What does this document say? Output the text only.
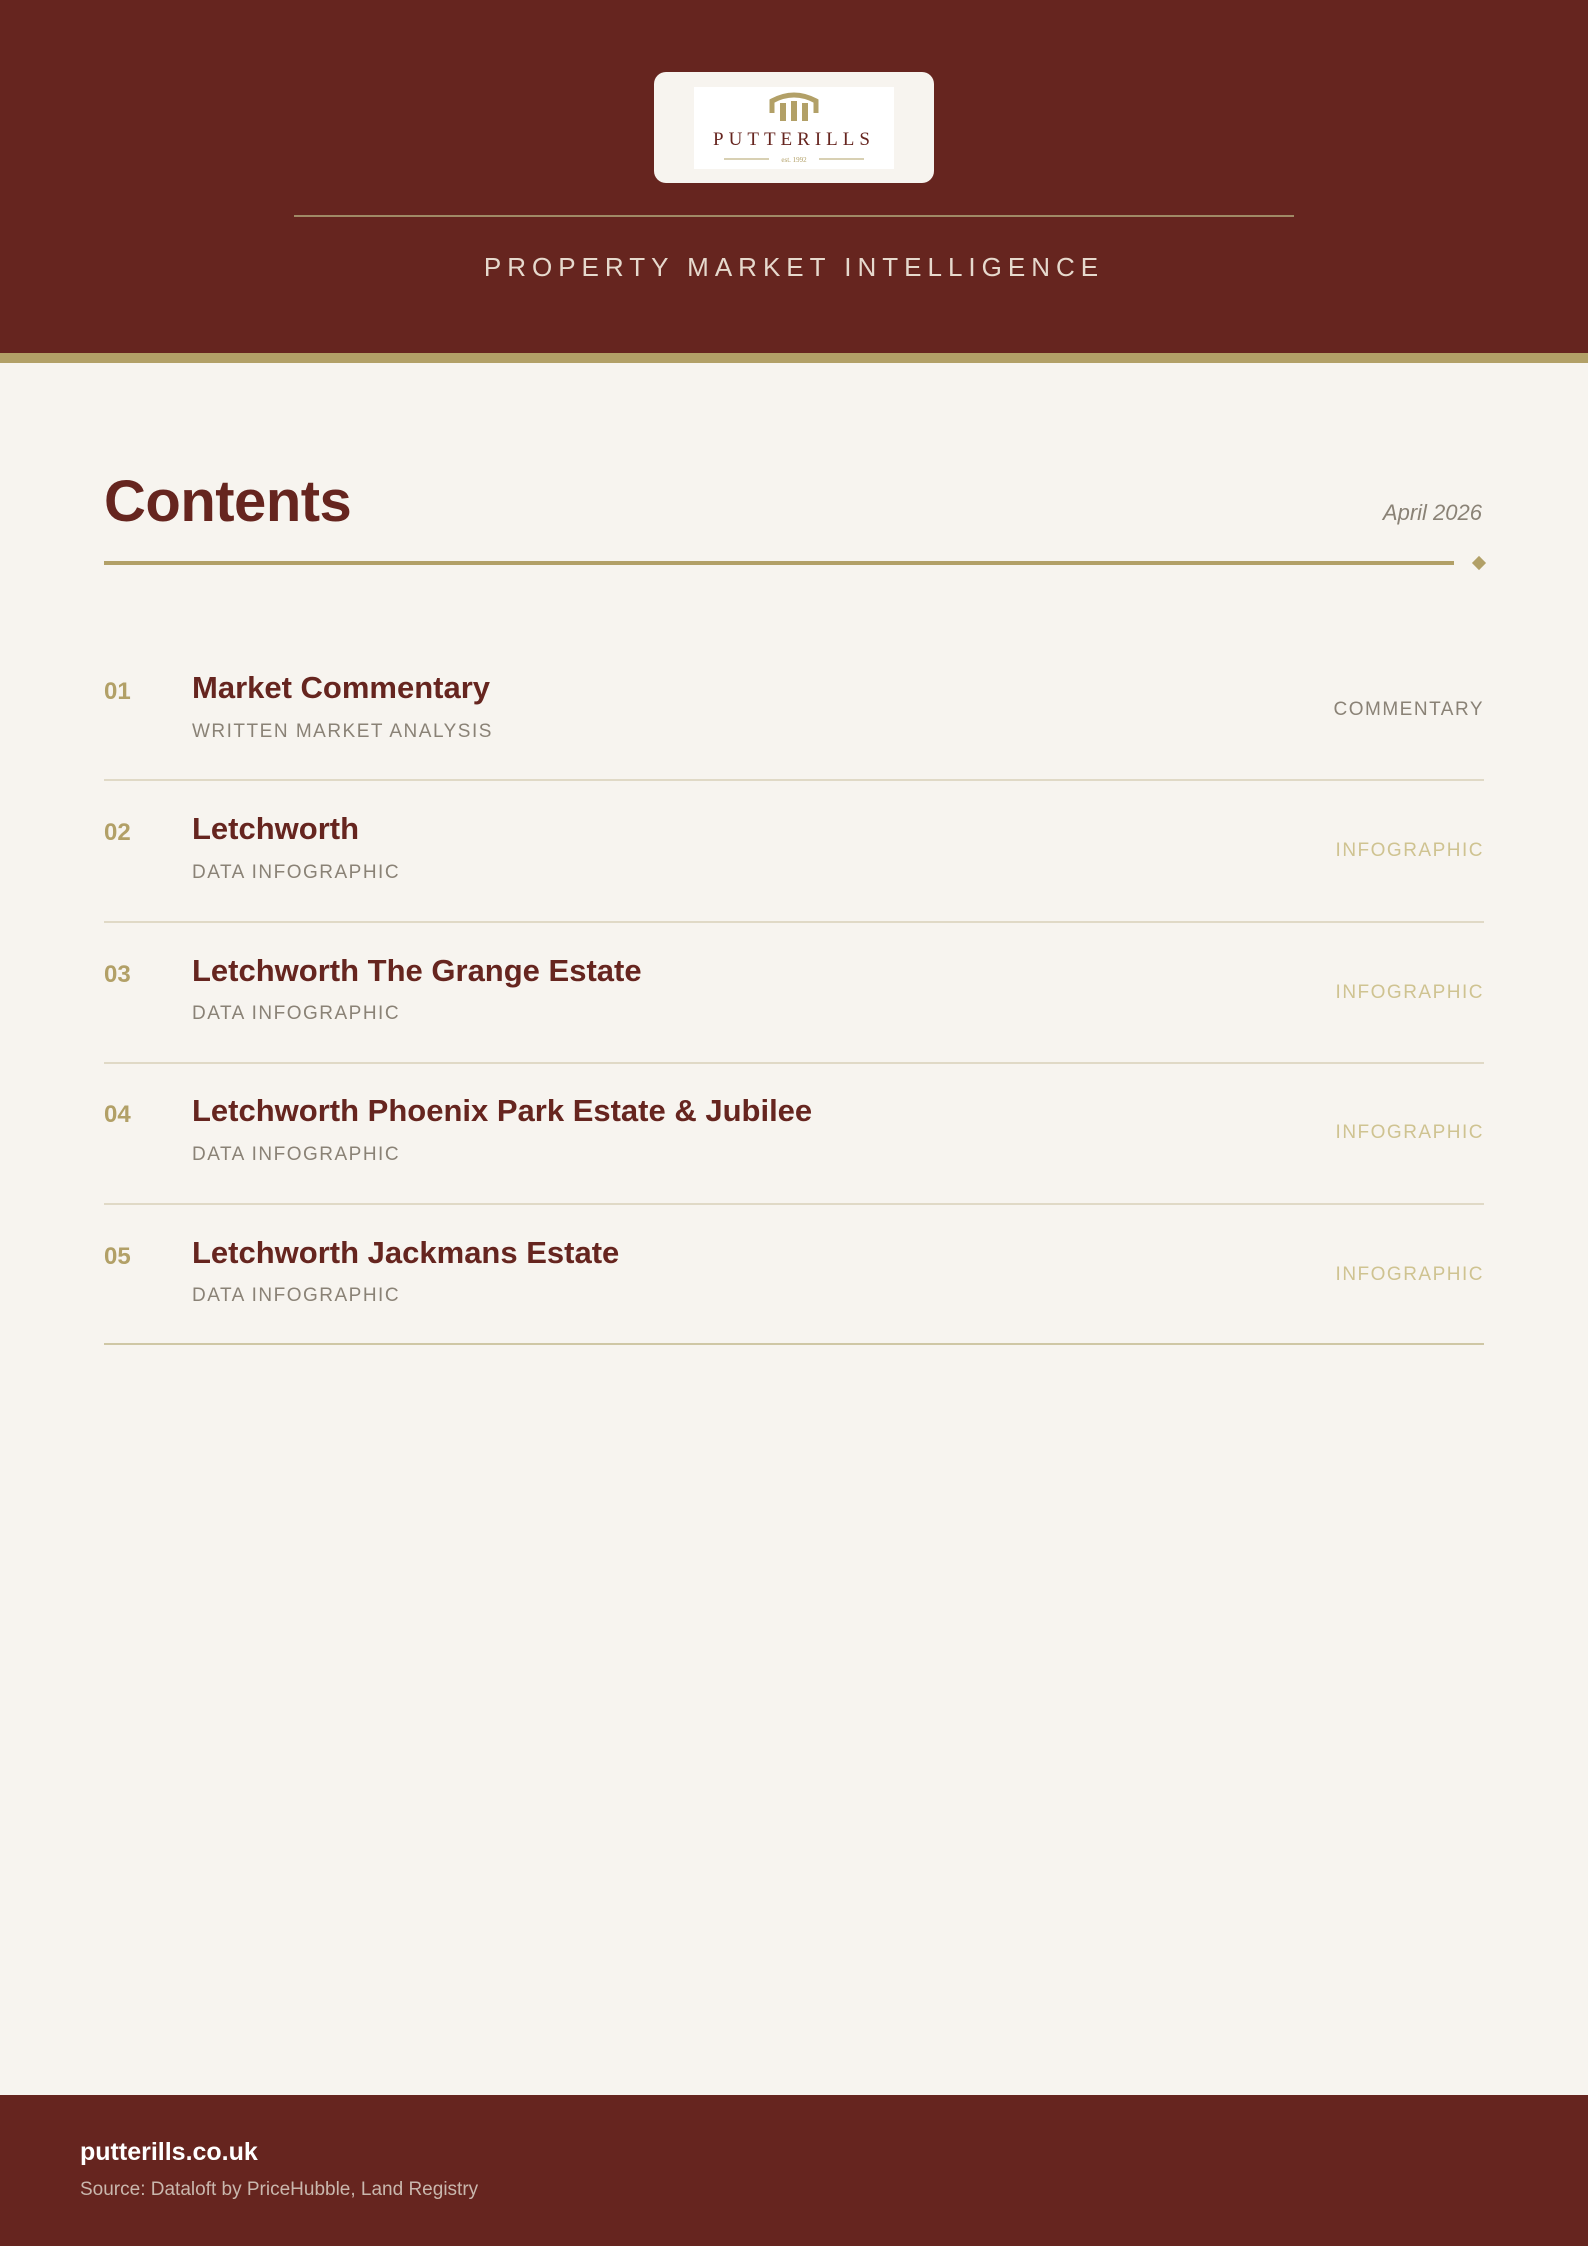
PUTTERILLS
est. 1992
PROPERTY MARKET INTELLIGENCE
Contents	April 2026
01 Market Commentary
WRITTEN MARKET ANALYSIS
COMMENTARY
02 Letchworth
DATA INFOGRAPHIC
INFOGRAPHIC
03 Letchworth The Grange Estate
DATA INFOGRAPHIC
INFOGRAPHIC
04 Letchworth Phoenix Park Estate & Jubilee
DATA INFOGRAPHIC
INFOGRAPHIC
05 Letchworth Jackmans Estate
DATA INFOGRAPHIC
INFOGRAPHIC
putterills.co.uk
Source: Dataloft by PriceHubble, Land Registry
